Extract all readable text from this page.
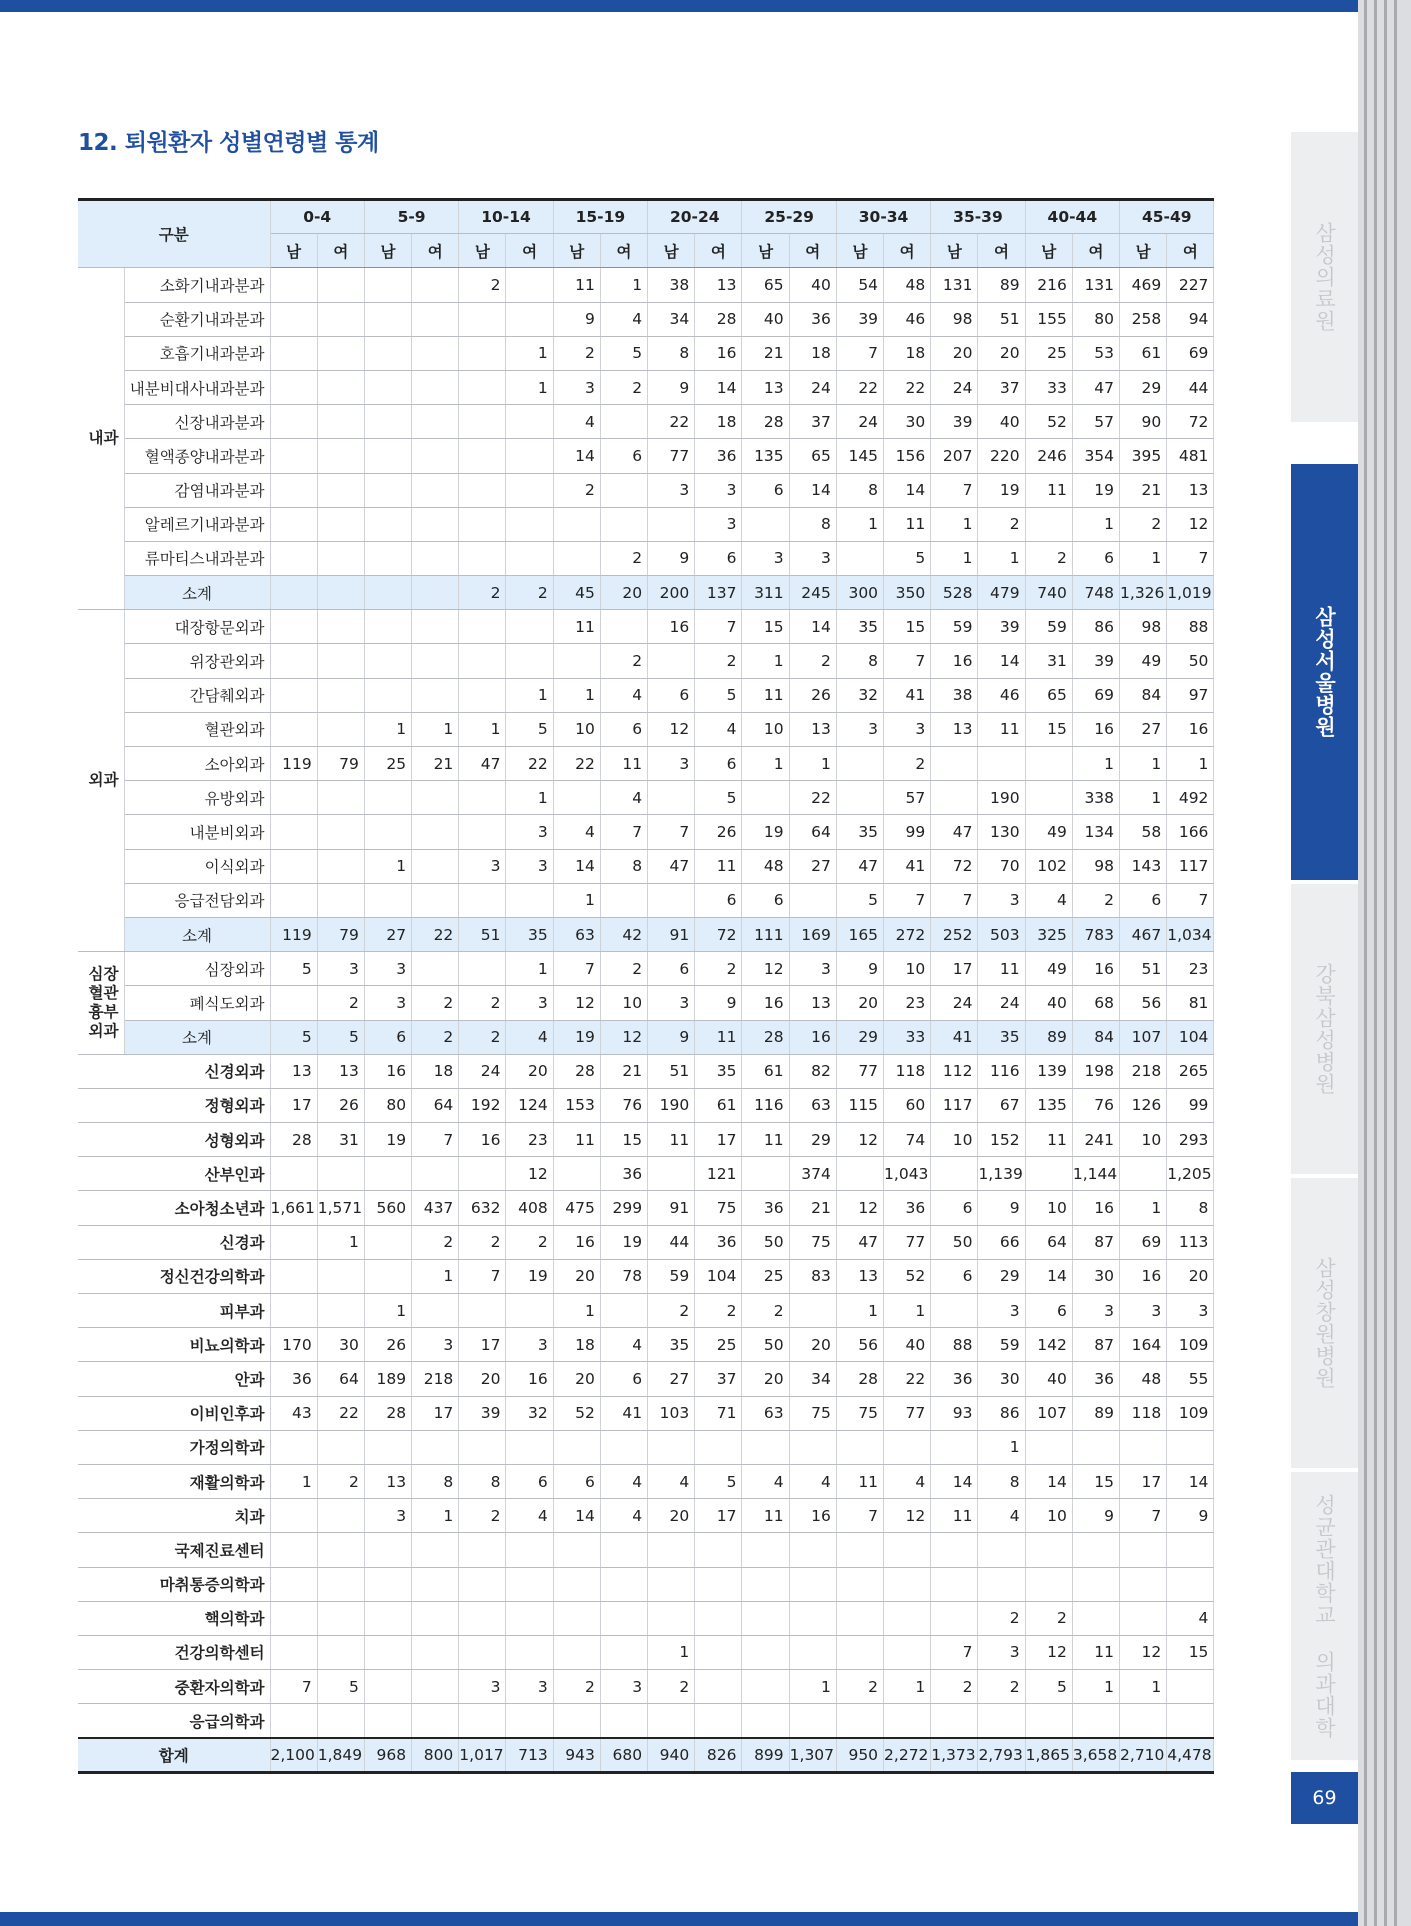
12. 퇴원환자 성별연령별 통계
구분		0-4		5-9		10-14		15-19		20-24		25-29		30-34		35-39		40-44		45-49	
		남	여	남	여	남	여	남	여	남	여	남	여	남	여	남	여	남	여	남	여
내과	소화기내과분과					2		11	1	38	13	65	40	54	48	131	89	216	131	469	227
	순환기내과분과							9	4	34	28	40	36	39	46	98	51	155	80	258	94
	호흡기내과분과						1	2	5	8	16	21	18	7	18	20	20	25	53	61	69
	내분비대사내과분과						1	3	2	9	14	13	24	22	22	24	37	33	47	29	44
	신장내과분과							4		22	18	28	37	24	30	39	40	52	57	90	72
	혈액종양내과분과							14	6	77	36	135	65	145	156	207	220	246	354	395	481
	감염내과분과							2		3	3	6	14	8	14	7	19	11	19	21	13
	알레르기내과분과										3		8	1	11	1	2		1	2	12
	류마티스내과분과								2	9	6	3	3		5	1	1	2	6	1	7
	소계					2	2	45	20	200	137	311	245	300	350	528	479	740	748	1,326	1,019
외과	대장항문외과							11		16	7	15	14	35	15	59	39	59	86	98	88
	위장관외과								2		2	1	2	8	7	16	14	31	39	49	50
	간담췌외과						1	1	4	6	5	11	26	32	41	38	46	65	69	84	97
	혈관외과			1	1	1	5	10	6	12	4	10	13	3	3	13	11	15	16	27	16
	소아외과	119	79	25	21	47	22	22	11	3	6	1	1		2				1	1	1
	유방외과						1		4		5		22		57		190		338	1	492
	내분비외과						3	4	7	7	26	19	64	35	99	47	130	49	134	58	166
	이식외과			1		3	3	14	8	47	11	48	27	47	41	72	70	102	98	143	117
	응급전담외과							1			6	6		5	7	7	3	4	2	6	7
	소계	119	79	27	22	51	35	63	42	91	72	111	169	165	272	252	503	325	783	467	1,034

심장
혈관
흉부
외과	심장외과	5	3	3			1	7	2	6	2	12	3	9	10	17	11	49	16	51	23
	폐식도외과		2	3	2	2	3	12	10	3	9	16	13	20	23	24	24	40	68	56	81
	소계	5	5	6	2	2	4	19	12	9	11	28	16	29	33	41	35	89	84	107	104
신경외과		13	13	16	18	24	20	28	21	51	35	61	82	77	118	112	116	139	198	218	265
정형외과		17	26	80	64	192	124	153	76	190	61	116	63	115	60	117	67	135	76	126	99
성형외과		28	31	19	7	16	23	11	15	11	17	11	29	12	74	10	152	11	241	10	293
산부인과							12		36		121		374		1,043		1,139		1,144		1,205
소아청소년과		1,661	1,571	560	437	632	408	475	299	91	75	36	21	12	36	6	9	10	16	1	8
신경과			1		2	2	2	16	19	44	36	50	75	47	77	50	66	64	87	69	113
정신건강의학과					1	7	19	20	78	59	104	25	83	13	52	6	29	14	30	16	20
피부과				1				1		2	2	2		1	1		3	6	3	3	3
비뇨의학과		170	30	26	3	17	3	18	4	35	25	50	20	56	40	88	59	142	87	164	109
안과		36	64	189	218	20	16	20	6	27	37	20	34	28	22	36	30	40	36	48	55
이비인후과		43	22	28	17	39	32	52	41	103	71	63	75	75	77	93	86	107	89	118	109
가정의학과																	1				
재활의학과		1	2	13	8	8	6	6	4	4	5	4	4	11	4	14	8	14	15	17	14
치과				3	1	2	4	14	4	20	17	11	16	7	12	11	4	10	9	7	9
국제진료센터																					
마취통증의학과																					
핵의학과																	2	2			4
건강의학센터										1						7	3	12	11	12	15
중환자의학과		7	5			3	3	2	3	2			1	2	1	2	2	5	1	1	
응급의학과																					
합계		2,100	1,849	968	800	1,017	713	943	680	940	826	899	1,307	950	2,272	1,373	2,793	1,865	3,658	2,710	4,478
삼성의료원
삼성서울병원
강북삼성병원
삼성창원병원
성균관대학교 의과대학
69
